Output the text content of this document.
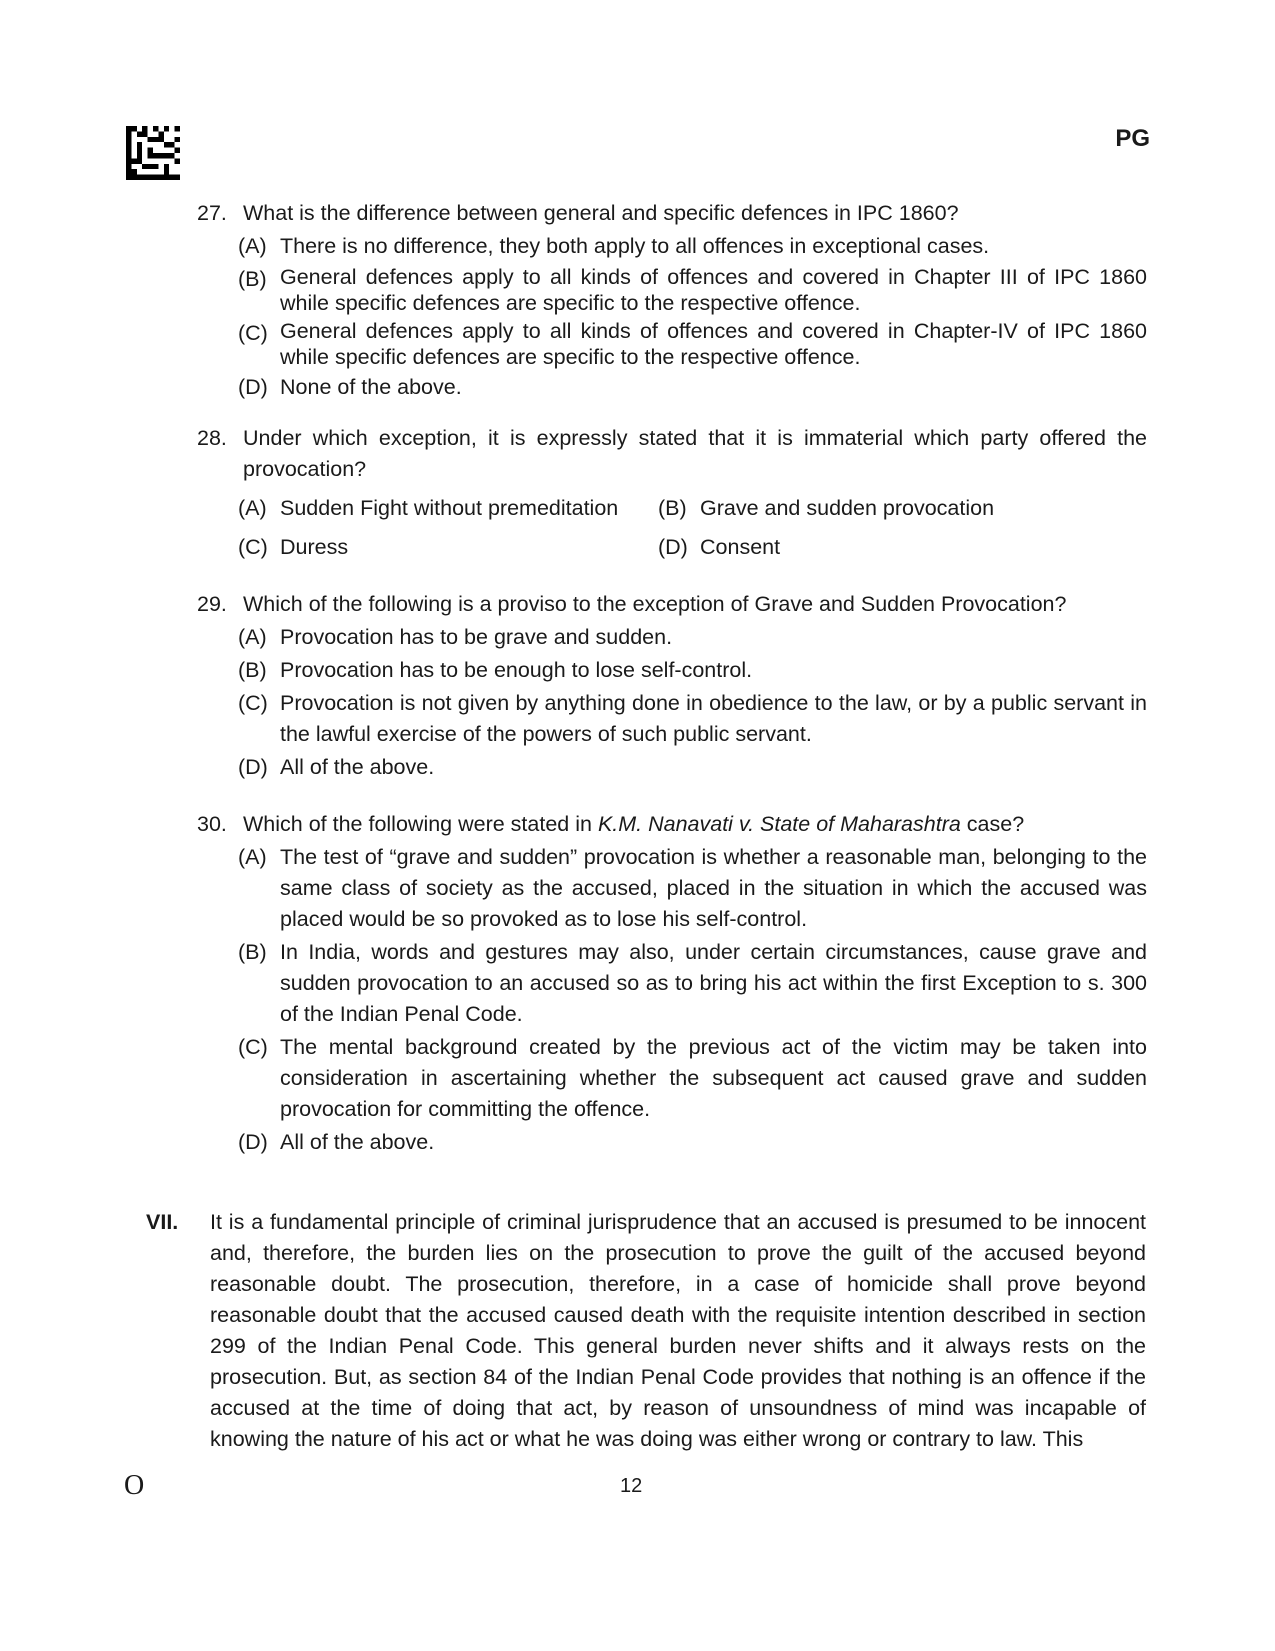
PG
27. What is the difference between general and specific defences in IPC 1860?
(A) There is no difference, they both apply to all offences in exceptional cases.
(B) General defences apply to all kinds of offences and covered in Chapter III of IPC 1860 while specific defences are specific to the respective offence.
(C) General defences apply to all kinds of offences and covered in Chapter-IV of IPC 1860 while specific defences are specific to the respective offence.
(D) None of the above.
28. Under which exception, it is expressly stated that it is immaterial which party offered the provocation?
(A) Sudden Fight without premeditation	(B) Grave and sudden provocation
(C) Duress	(D) Consent
29. Which of the following is a proviso to the exception of Grave and Sudden Provocation?
(A) Provocation has to be grave and sudden.
(B) Provocation has to be enough to lose self-control.
(C) Provocation is not given by anything done in obedience to the law, or by a public servant in the lawful exercise of the powers of such public servant.
(D) All of the above.
30. Which of the following were stated in K.M. Nanavati v. State of Maharashtra case?
(A) The test of “grave and sudden” provocation is whether a reasonable man, belonging to the same class of society as the accused, placed in the situation in which the accused was placed would be so provoked as to lose his self-control.
(B) In India, words and gestures may also, under certain circumstances, cause grave and sudden provocation to an accused so as to bring his act within the first Exception to s. 300 of the Indian Penal Code.
(C) The mental background created by the previous act of the victim may be taken into consideration in ascertaining whether the subsequent act caused grave and sudden provocation for committing the offence.
(D) All of the above.
VII.	It is a fundamental principle of criminal jurisprudence that an accused is presumed to be innocent and, therefore, the burden lies on the prosecution to prove the guilt of the accused beyond reasonable doubt. The prosecution, therefore, in a case of homicide shall prove beyond reasonable doubt that the accused caused death with the requisite intention described in section 299 of the Indian Penal Code. This general burden never shifts and it always rests on the prosecution. But, as section 84 of the Indian Penal Code provides that nothing is an offence if the accused at the time of doing that act, by reason of unsoundness of mind was incapable of knowing the nature of his act or what he was doing was either wrong or contrary to law. This
O	12
